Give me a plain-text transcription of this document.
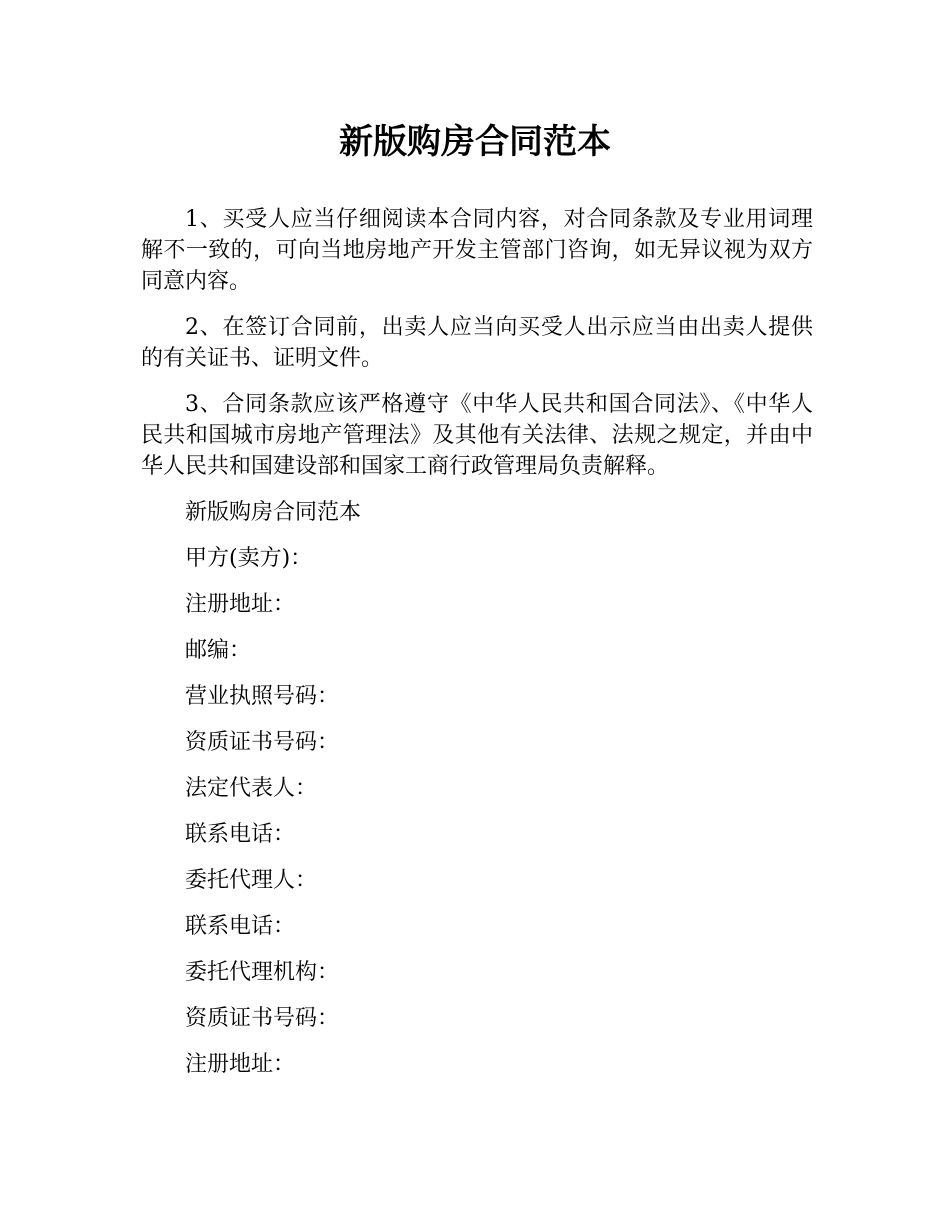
新版购房合同范本

1、买受人应当仔细阅读本合同内容，对合同条款及专业用词理解不一致的，可向当地房地产开发主管部门咨询，如无异议视为双方同意内容。

2、在签订合同前，出卖人应当向买受人出示应当由出卖人提供的有关证书、证明文件。

3、合同条款应该严格遵守《中华人民共和国合同法》、《中华人民共和国城市房地产管理法》及其他有关法律、法规之规定，并由中华人民共和国建设部和国家工商行政管理局负责解释。

新版购房合同范本

甲方(卖方)：

注册地址：

邮编：

营业执照号码：

资质证书号码：

法定代表人：

联系电话：

委托代理人：

联系电话：

委托代理机构：

资质证书号码：

注册地址：
